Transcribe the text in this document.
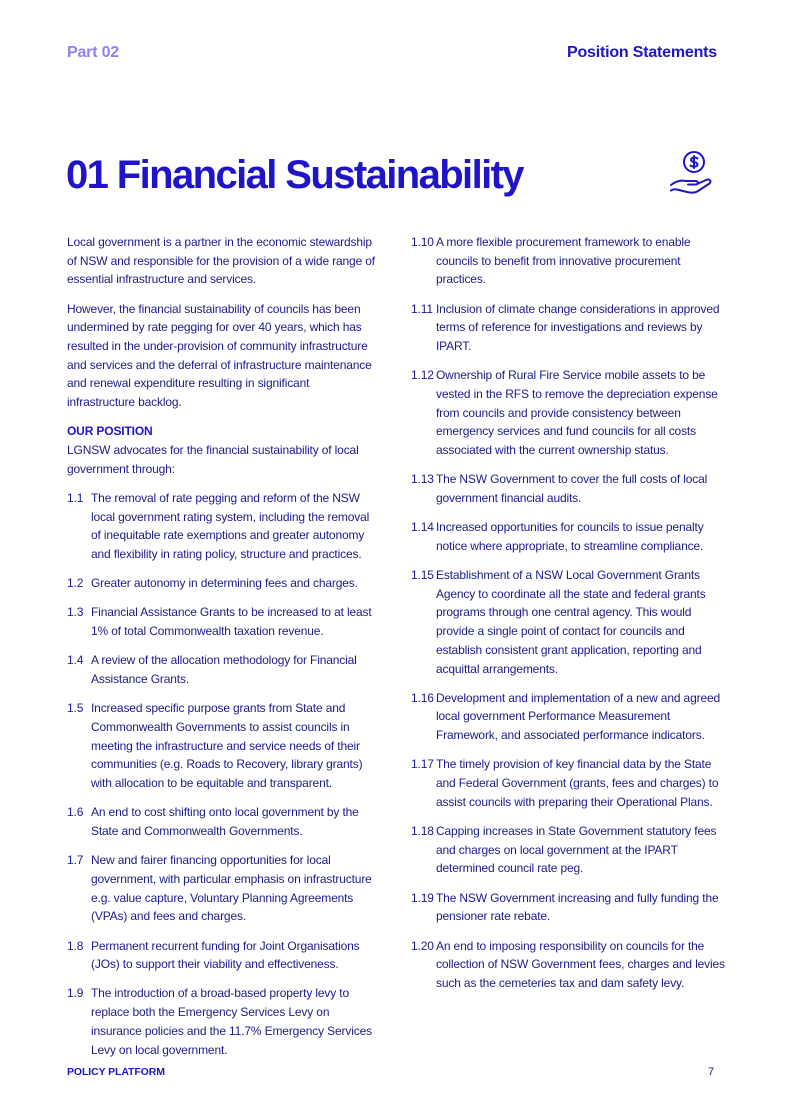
Part 02	Position Statements
01 Financial Sustainability

Local government is a partner in the economic stewardship of NSW and responsible for the provision of a wide range of essential infrastructure and services.

However, the financial sustainability of councils has been undermined by rate pegging for over 40 years, which has resulted in the under-provision of community infrastructure and services and the deferral of infrastructure maintenance and renewal expenditure resulting in significant infrastructure backlog.

OUR POSITION
LGNSW advocates for the financial sustainability of local government through:
1.1 The removal of rate pegging and reform of the NSW local government rating system, including the removal of inequitable rate exemptions and greater autonomy and flexibility in rating policy, structure and practices.
1.2 Greater autonomy in determining fees and charges.
1.3 Financial Assistance Grants to be increased to at least 1% of total Commonwealth taxation revenue.
1.4 A review of the allocation methodology for Financial Assistance Grants.
1.5 Increased specific purpose grants from State and Commonwealth Governments to assist councils in meeting the infrastructure and service needs of their communities (e.g. Roads to Recovery, library grants) with allocation to be equitable and transparent.
1.6 An end to cost shifting onto local government by the State and Commonwealth Governments.
1.7 New and fairer financing opportunities for local government, with particular emphasis on infrastructure e.g. value capture, Voluntary Planning Agreements (VPAs) and fees and charges.
1.8 Permanent recurrent funding for Joint Organisations (JOs) to support their viability and effectiveness.
1.9 The introduction of a broad-based property levy to replace both the Emergency Services Levy on insurance policies and the 11.7% Emergency Services Levy on local government.
1.10 A more flexible procurement framework to enable councils to benefit from innovative procurement practices.
1.11 Inclusion of climate change considerations in approved terms of reference for investigations and reviews by IPART.
1.12 Ownership of Rural Fire Service mobile assets to be vested in the RFS to remove the depreciation expense from councils and provide consistency between emergency services and fund councils for all costs associated with the current ownership status.
1.13 The NSW Government to cover the full costs of local government financial audits.
1.14 Increased opportunities for councils to issue penalty notice where appropriate, to streamline compliance.
1.15 Establishment of a NSW Local Government Grants Agency to coordinate all the state and federal grants programs through one central agency. This would provide a single point of contact for councils and establish consistent grant application, reporting and acquittal arrangements.
1.16 Development and implementation of a new and agreed local government Performance Measurement Framework, and associated performance indicators.
1.17 The timely provision of key financial data by the State and Federal Government (grants, fees and charges) to assist councils with preparing their Operational Plans.
1.18 Capping increases in State Government statutory fees and charges on local government at the IPART determined council rate peg.
1.19 The NSW Government increasing and fully funding the pensioner rate rebate.
1.20 An end to imposing responsibility on councils for the collection of NSW Government fees, charges and levies such as the cemeteries tax and dam safety levy.
POLICY PLATFORM	7
